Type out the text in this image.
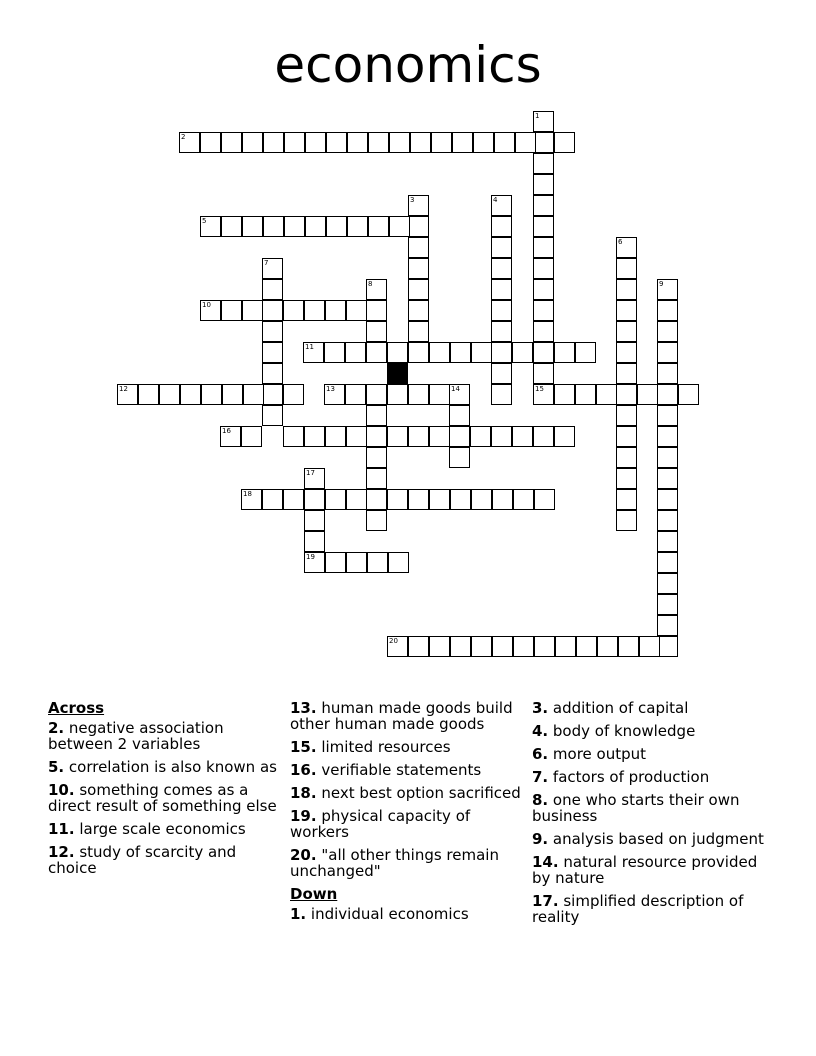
economics
1
15
2
3	4
5
6
7
8	9
10
11
12	13	14
16
17
18
19
20
Across
2. negative association between 2 variables
5. correlation is also known as
10. something comes as a direct result of something else
11. large scale economics
12. study of scarcity and choice
13. human made goods build other human made goods
15. limited resources
16. verifiable statements
18. next best option sacrificed
19. physical capacity of workers
20. "all other things remain unchanged"
Down
1. individual economics
3. addition of capital
4. body of knowledge
6. more output
7. factors of production
8. one who starts their own business
9. analysis based on judgment
14. natural resource provided by nature
17. simplified description of reality
